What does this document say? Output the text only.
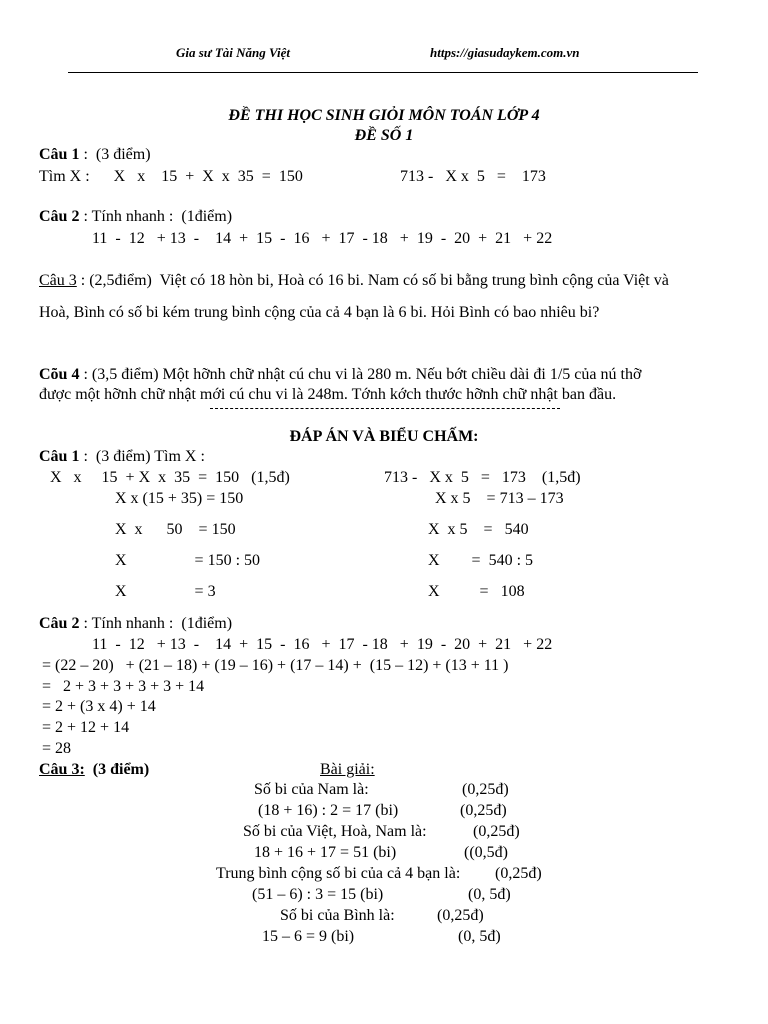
Gia sư Tài Năng Việt	https://giasudaykem.com.vn
ĐỀ THI HỌC SINH GIỎI MÔN TOÁN LỚP 4
ĐỀ SỐ 1
Câu 1 :  (3 điểm)
Tìm X :      X   x    15  +  X  x  35  =  150	713 -   X x  5   =    173
Câu 2 : Tính nhanh :  (1điểm)
11  -  12   + 13  -    14  +  15  -  16   +  17  - 18   +  19  -  20  +  21   + 22
Câu 3 : (2,5điểm)  Việt có 18 hòn bi, Hoà có 16 bi. Nam có số bi bằng trung bình cộng của Việt và
Hoà, Bình có số bi kém trung bình cộng của cả 4 bạn là 6 bi. Hỏi Bình có bao nhiêu bi?
Cõu 4 : (3,5 điểm) Một hỡnh chữ nhật cú chu vi là 280 m. Nếu bớt chiều dài đi 1/5 của nú thỡ
được một hỡnh chữ nhật mới cú chu vi là 248m. Tớnh kớch thước hỡnh chữ nhật ban đầu.
ĐÁP ÁN VÀ BIỂU CHẤM:
Câu 1 :  (3 điểm) Tìm X :
X   x     15  + X  x  35  =  150   (1,5đ)
X x (15 + 35) = 150
X  x      50    = 150
X                 = 150 : 50
X                 = 3
713 -   X x  5   =   173    (1,5đ)
X x 5    = 713 – 173
X  x 5    =   540
X        =  540 : 5
X          =   108
Câu 2 : Tính nhanh :  (1điểm)
11  -  12   + 13  -    14  +  15  -  16   +  17  - 18   +  19  -  20  +  21   + 22
= (22 – 20)   + (21 – 18) + (19 – 16) + (17 – 14) +  (15 – 12) + (13 + 11 )
=   2 + 3 + 3 + 3 + 3 + 14
= 2 + (3 x 4) + 14
= 2 + 12 + 14
= 28
Câu 3:  (3 điểm)	Bài giải:
Số bi của Nam là:	(0,25đ)
(18 + 16) : 2 = 17 (bi)	(0,25đ)
Số bi của Việt, Hoà, Nam là:	(0,25đ)
18 + 16 + 17 = 51 (bi)	((0,5đ)
Trung bình cộng số bi của cả 4 bạn là: (0,25đ)
(51 – 6) : 3 = 15 (bi)	(0, 5đ)
Số bi của Bình là:	(0,25đ)
15 – 6 = 9 (bi)	(0, 5đ)
